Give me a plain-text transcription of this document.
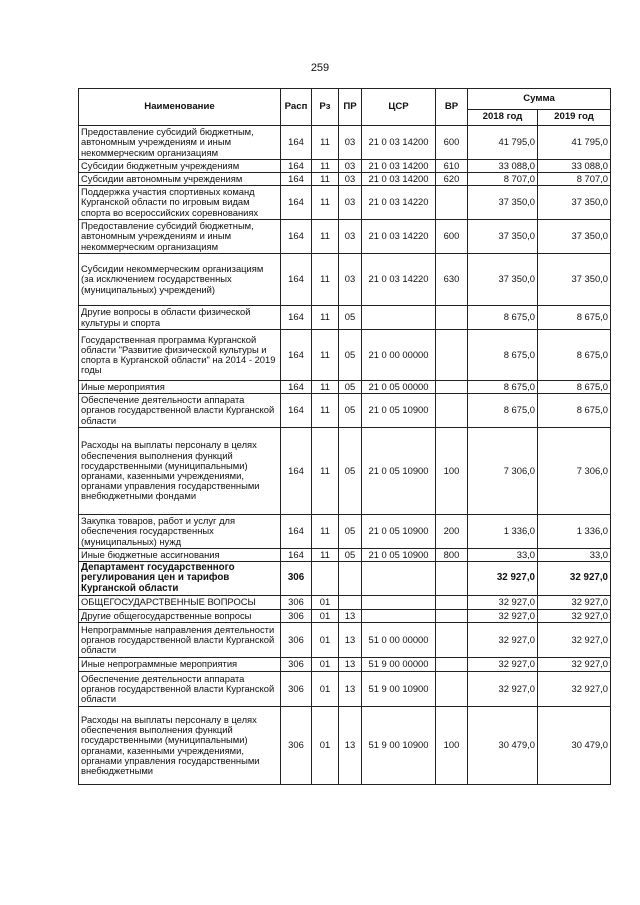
259
Наименование	Расп	Рз	ПР	ЦСР	ВР	Сумма	
						2018 год	2019 год
Предоставление субсидий бюджетным, автономным учреждениям и иным некоммерческим организациям	164	11	03	21 0 03 14200	600	41 795,0	41 795,0
Субсидии бюджетным учреждениям	164	11	03	21 0 03 14200	610	33 088,0	33 088,0
Субсидии автономным учреждениям	164	11	03	21 0 03 14200	620	8 707,0	8 707,0
Поддержка участия спортивных команд Курганской области по игровым видам спорта во всероссийских соревнованиях	164	11	03	21 0 03 14220		37 350,0	37 350,0
Предоставление субсидий бюджетным, автономным учреждениям и иным некоммерческим организациям	164	11	03	21 0 03 14220	600	37 350,0	37 350,0
Субсидии некоммерческим организациям (за исключением государственных (муниципальных) учреждений)	164	11	03	21 0 03 14220	630	37 350,0	37 350,0
Другие вопросы в области физической культуры и спорта	164	11	05			8 675,0	8 675,0
Государственная программа Курганской области "Развитие физической культуры и спорта в Курганской области" на 2014 - 2019 годы	164	11	05	21 0 00 00000		8 675,0	8 675,0
Иные мероприятия	164	11	05	21 0 05 00000		8 675,0	8 675,0
Обеспечение деятельности аппарата органов государственной власти Курганской области	164	11	05	21 0 05 10900		8 675,0	8 675,0
Расходы на выплаты персоналу в целях обеспечения выполнения функций государственными (муниципальными) органами, казенными учреждениями, органами управления государственными внебюджетными фондами	164	11	05	21 0 05 10900	100	7 306,0	7 306,0
Закупка товаров, работ и услуг для обеспечения государственных (муниципальных) нужд	164	11	05	21 0 05 10900	200	1 336,0	1 336,0
Иные бюджетные ассигнования	164	11	05	21 0 05 10900	800	33,0	33,0
Департамент государственного регулирования цен и тарифов Курганской области	306					32 927,0	32 927,0
ОБЩЕГОСУДАРСТВЕННЫЕ ВОПРОСЫ	306	01				32 927,0	32 927,0
Другие общегосударственные вопросы	306	01	13			32 927,0	32 927,0
Непрограммные направления деятельности органов государственной власти Курганской области	306	01	13	51 0 00 00000		32 927,0	32 927,0
Иные непрограммные мероприятия	306	01	13	51 9 00 00000		32 927,0	32 927,0
Обеспечение деятельности аппарата органов государственной власти Курганской области	306	01	13	51 9 00 10900		32 927,0	32 927,0
Расходы на выплаты персоналу в целях обеспечения выполнения функций государственными (муниципальными) органами, казенными учреждениями, органами управления государственными внебюджетными	306	01	13	51 9 00 10900	100	30 479,0	30 479,0
